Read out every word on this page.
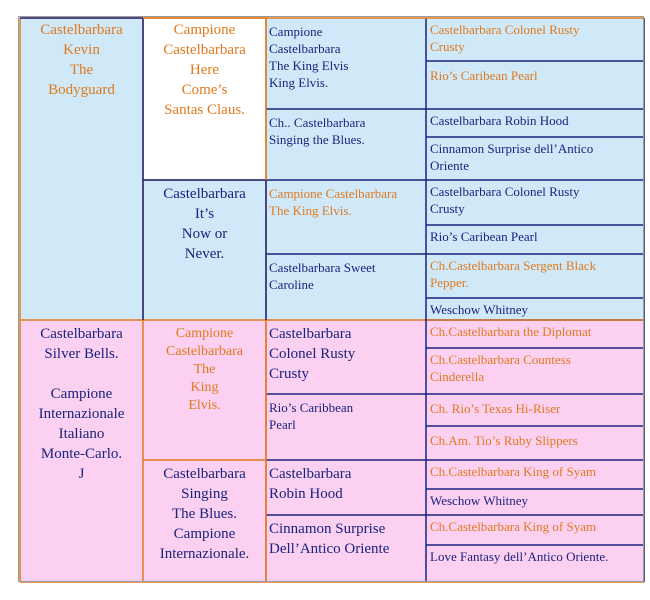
Castelbarbara
Kevin
The
Bodyguard
Castelbarbara
Silver Bells.
Campione
Internazionale
Italiano
Monte-Carlo.
J
Campione
Castelbarbara
Here
Come’s
Santas Claus.
Castelbarbara
It’s
Now or
Never.
Campione
Castelbarbara
The
King
Elvis.
Castelbarbara
Singing
The Blues.
Campione
Internazionale.
Campione
Castelbarbara
The King Elvis
King Elvis.
Ch.. Castelbarbara
Singing the Blues.
Campione Castelbarbara
The King Elvis.
Castelbarbara Sweet
Caroline
Castelbarbara
Colonel Rusty
Crusty
Rio’s Caribbean
Pearl
Castelbarbara
Robin Hood
Cinnamon Surprise
Dell’Antico Oriente
Castelbarbara Colonel Rusty
Crusty
Rio’s Caribean Pearl
Castelbarbara Robin Hood
Cinnamon Surprise dell’Antico
Oriente
Castelbarbara Colonel Rusty
Crusty
Rio’s Caribean Pearl
Ch.Castelbarbara Sergent Black
Pepper.
Weschow Whitney
Ch.Castelbarbara the Diplomat
Ch.Castelbarbara Countess
Cinderella
Ch. Rio’s Texas Hi-Riser
Ch.Am. Tio’s Ruby Slippers
Ch.Castelbarbara King of Syam
Weschow Whitney
Ch.Castelbarbara King of Syam
Love Fantasy dell’Antico Oriente.
